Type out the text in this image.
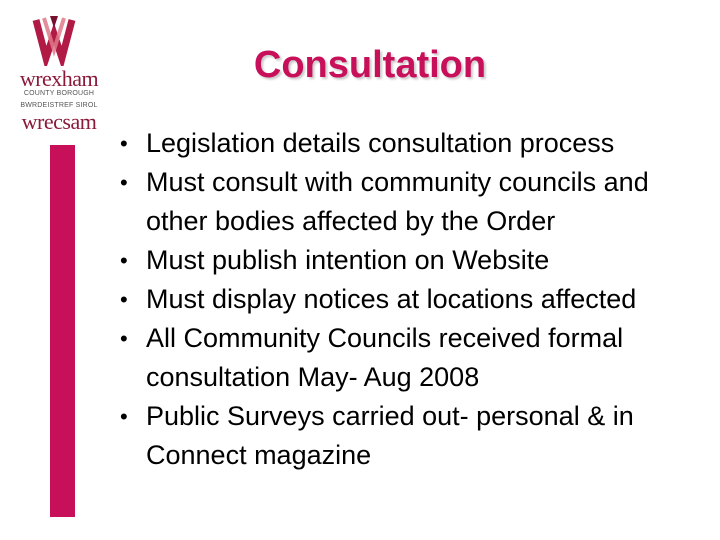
wrexham
COUNTY BOROUGH
BWRDEISTREF SIROL
wrecsam
Consultation
• Legislation details consultation process
• Must consult with community councils and other bodies affected by the Order
• Must publish intention on Website
• Must display notices at locations affected
• All Community Councils received formal consultation May- Aug 2008
• Public Surveys carried out- personal & in Connect magazine
